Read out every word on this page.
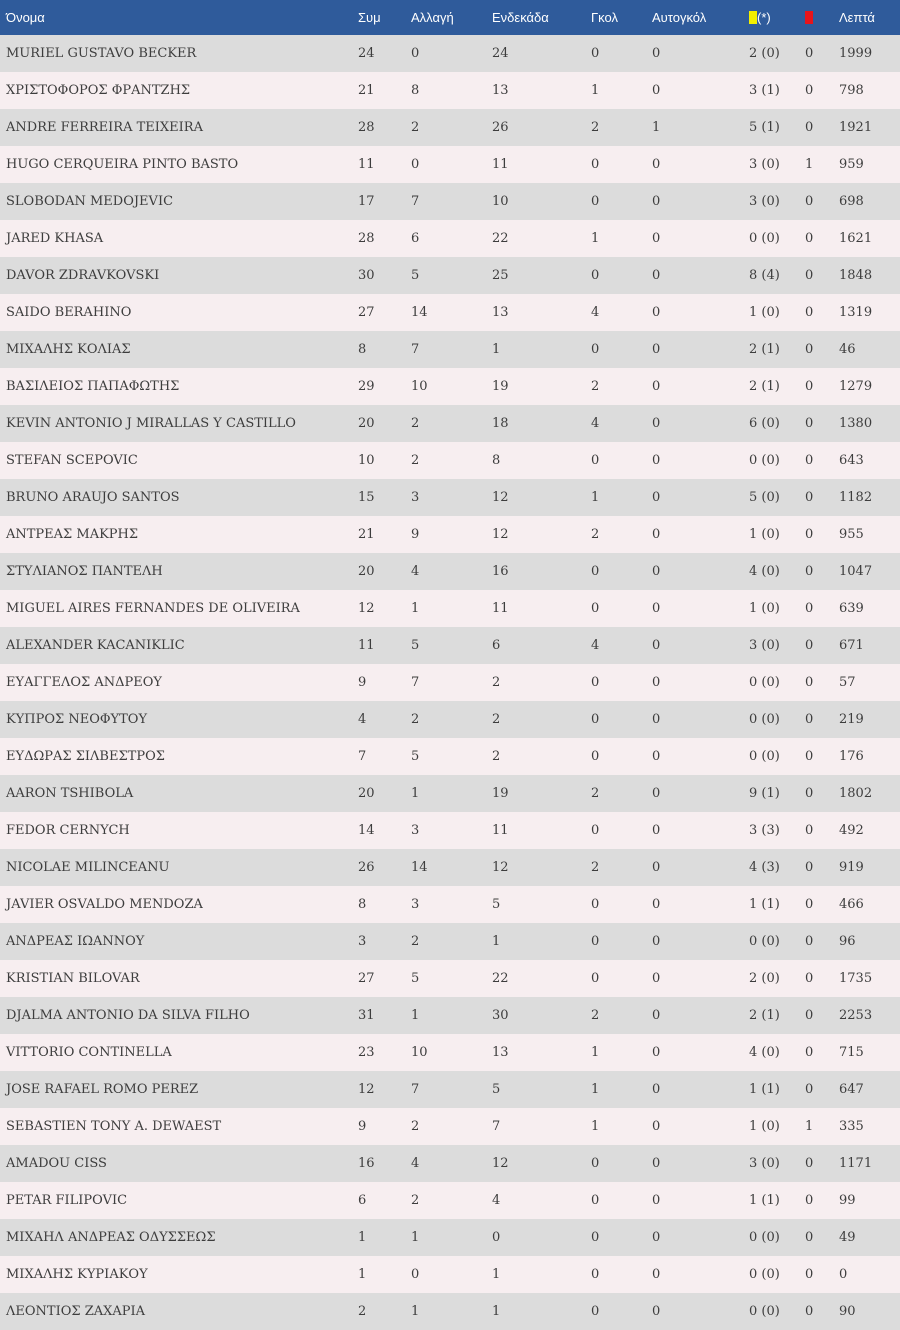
Όνομα	Συμ	Αλλαγή	Ενδεκάδα	Γκολ	Αυτογκόλ	(*)		Λεπτά
MURIEL GUSTAVO BECKER	24	0	24	0	0	2 (0)	0	1999
ΧΡΙΣΤΟΦΟΡΟΣ ΦΡΑΝΤΖΗΣ	21	8	13	1	0	3 (1)	0	798
ANDRE FERREIRA TEIXEIRA	28	2	26	2	1	5 (1)	0	1921
HUGO CERQUEIRA PINTO BASTO	11	0	11	0	0	3 (0)	1	959
SLOBODAN MEDOJEVIC	17	7	10	0	0	3 (0)	0	698
JARED KHASA	28	6	22	1	0	0 (0)	0	1621
DAVOR ZDRAVKOVSKI	30	5	25	0	0	8 (4)	0	1848
SAIDO BERAHINO	27	14	13	4	0	1 (0)	0	1319
ΜΙΧΑΛΗΣ ΚΟΛΙΑΣ	8	7	1	0	0	2 (1)	0	46
ΒΑΣΙΛΕΙΟΣ ΠΑΠΑΦΩΤΗΣ	29	10	19	2	0	2 (1)	0	1279
KEVIN ANTONIO J MIRALLAS Y CASTILLO	20	2	18	4	0	6 (0)	0	1380
STEFAN SCEPOVIC	10	2	8	0	0	0 (0)	0	643
BRUNO ARAUJO SANTOS	15	3	12	1	0	5 (0)	0	1182
ΑΝΤΡΕΑΣ ΜΑΚΡΗΣ	21	9	12	2	0	1 (0)	0	955
ΣΤΥΛΙΑΝΟΣ ΠΑΝΤΕΛΗ	20	4	16	0	0	4 (0)	0	1047
MIGUEL AIRES FERNANDES DE OLIVEIRA	12	1	11	0	0	1 (0)	0	639
ALEXANDER KACANIKLIC	11	5	6	4	0	3 (0)	0	671
ΕΥΑΓΓΕΛΟΣ ΑΝΔΡΕΟΥ	9	7	2	0	0	0 (0)	0	57
ΚΥΠΡΟΣ ΝΕΟΦΥΤΟΥ	4	2	2	0	0	0 (0)	0	219
ΕΥΔΩΡΑΣ ΣΙΛΒΕΣΤΡΟΣ	7	5	2	0	0	0 (0)	0	176
AARON TSHIBOLA	20	1	19	2	0	9 (1)	0	1802
FEDOR CERNYCH	14	3	11	0	0	3 (3)	0	492
NICOLAE MILINCEANU	26	14	12	2	0	4 (3)	0	919
JAVIER OSVALDO MENDOZA	8	3	5	0	0	1 (1)	0	466
ΑΝΔΡΕΑΣ ΙΩΑΝΝΟΥ	3	2	1	0	0	0 (0)	0	96
KRISTIAN BILOVAR	27	5	22	0	0	2 (0)	0	1735
DJALMA ANTONIO DA SILVA FILHO	31	1	30	2	0	2 (1)	0	2253
VITTORIO CONTINELLA	23	10	13	1	0	4 (0)	0	715
JOSE RAFAEL ROMO PEREZ	12	7	5	1	0	1 (1)	0	647
SEBASTIEN TONY A. DEWAEST	9	2	7	1	0	1 (0)	1	335
AMADOU CISS	16	4	12	0	0	3 (0)	0	1171
PETAR FILIPOVIC	6	2	4	0	0	1 (1)	0	99
ΜΙΧΑΗΛ ΑΝΔΡΕΑΣ ΟΔΥΣΣΕΩΣ	1	1	0	0	0	0 (0)	0	49
ΜΙΧΑΛΗΣ ΚΥΡΙΑΚΟΥ	1	0	1	0	0	0 (0)	0	0
ΛΕΟΝΤΙΟΣ ΖΑΧΑΡΙΑ	2	1	1	0	0	0 (0)	0	90
